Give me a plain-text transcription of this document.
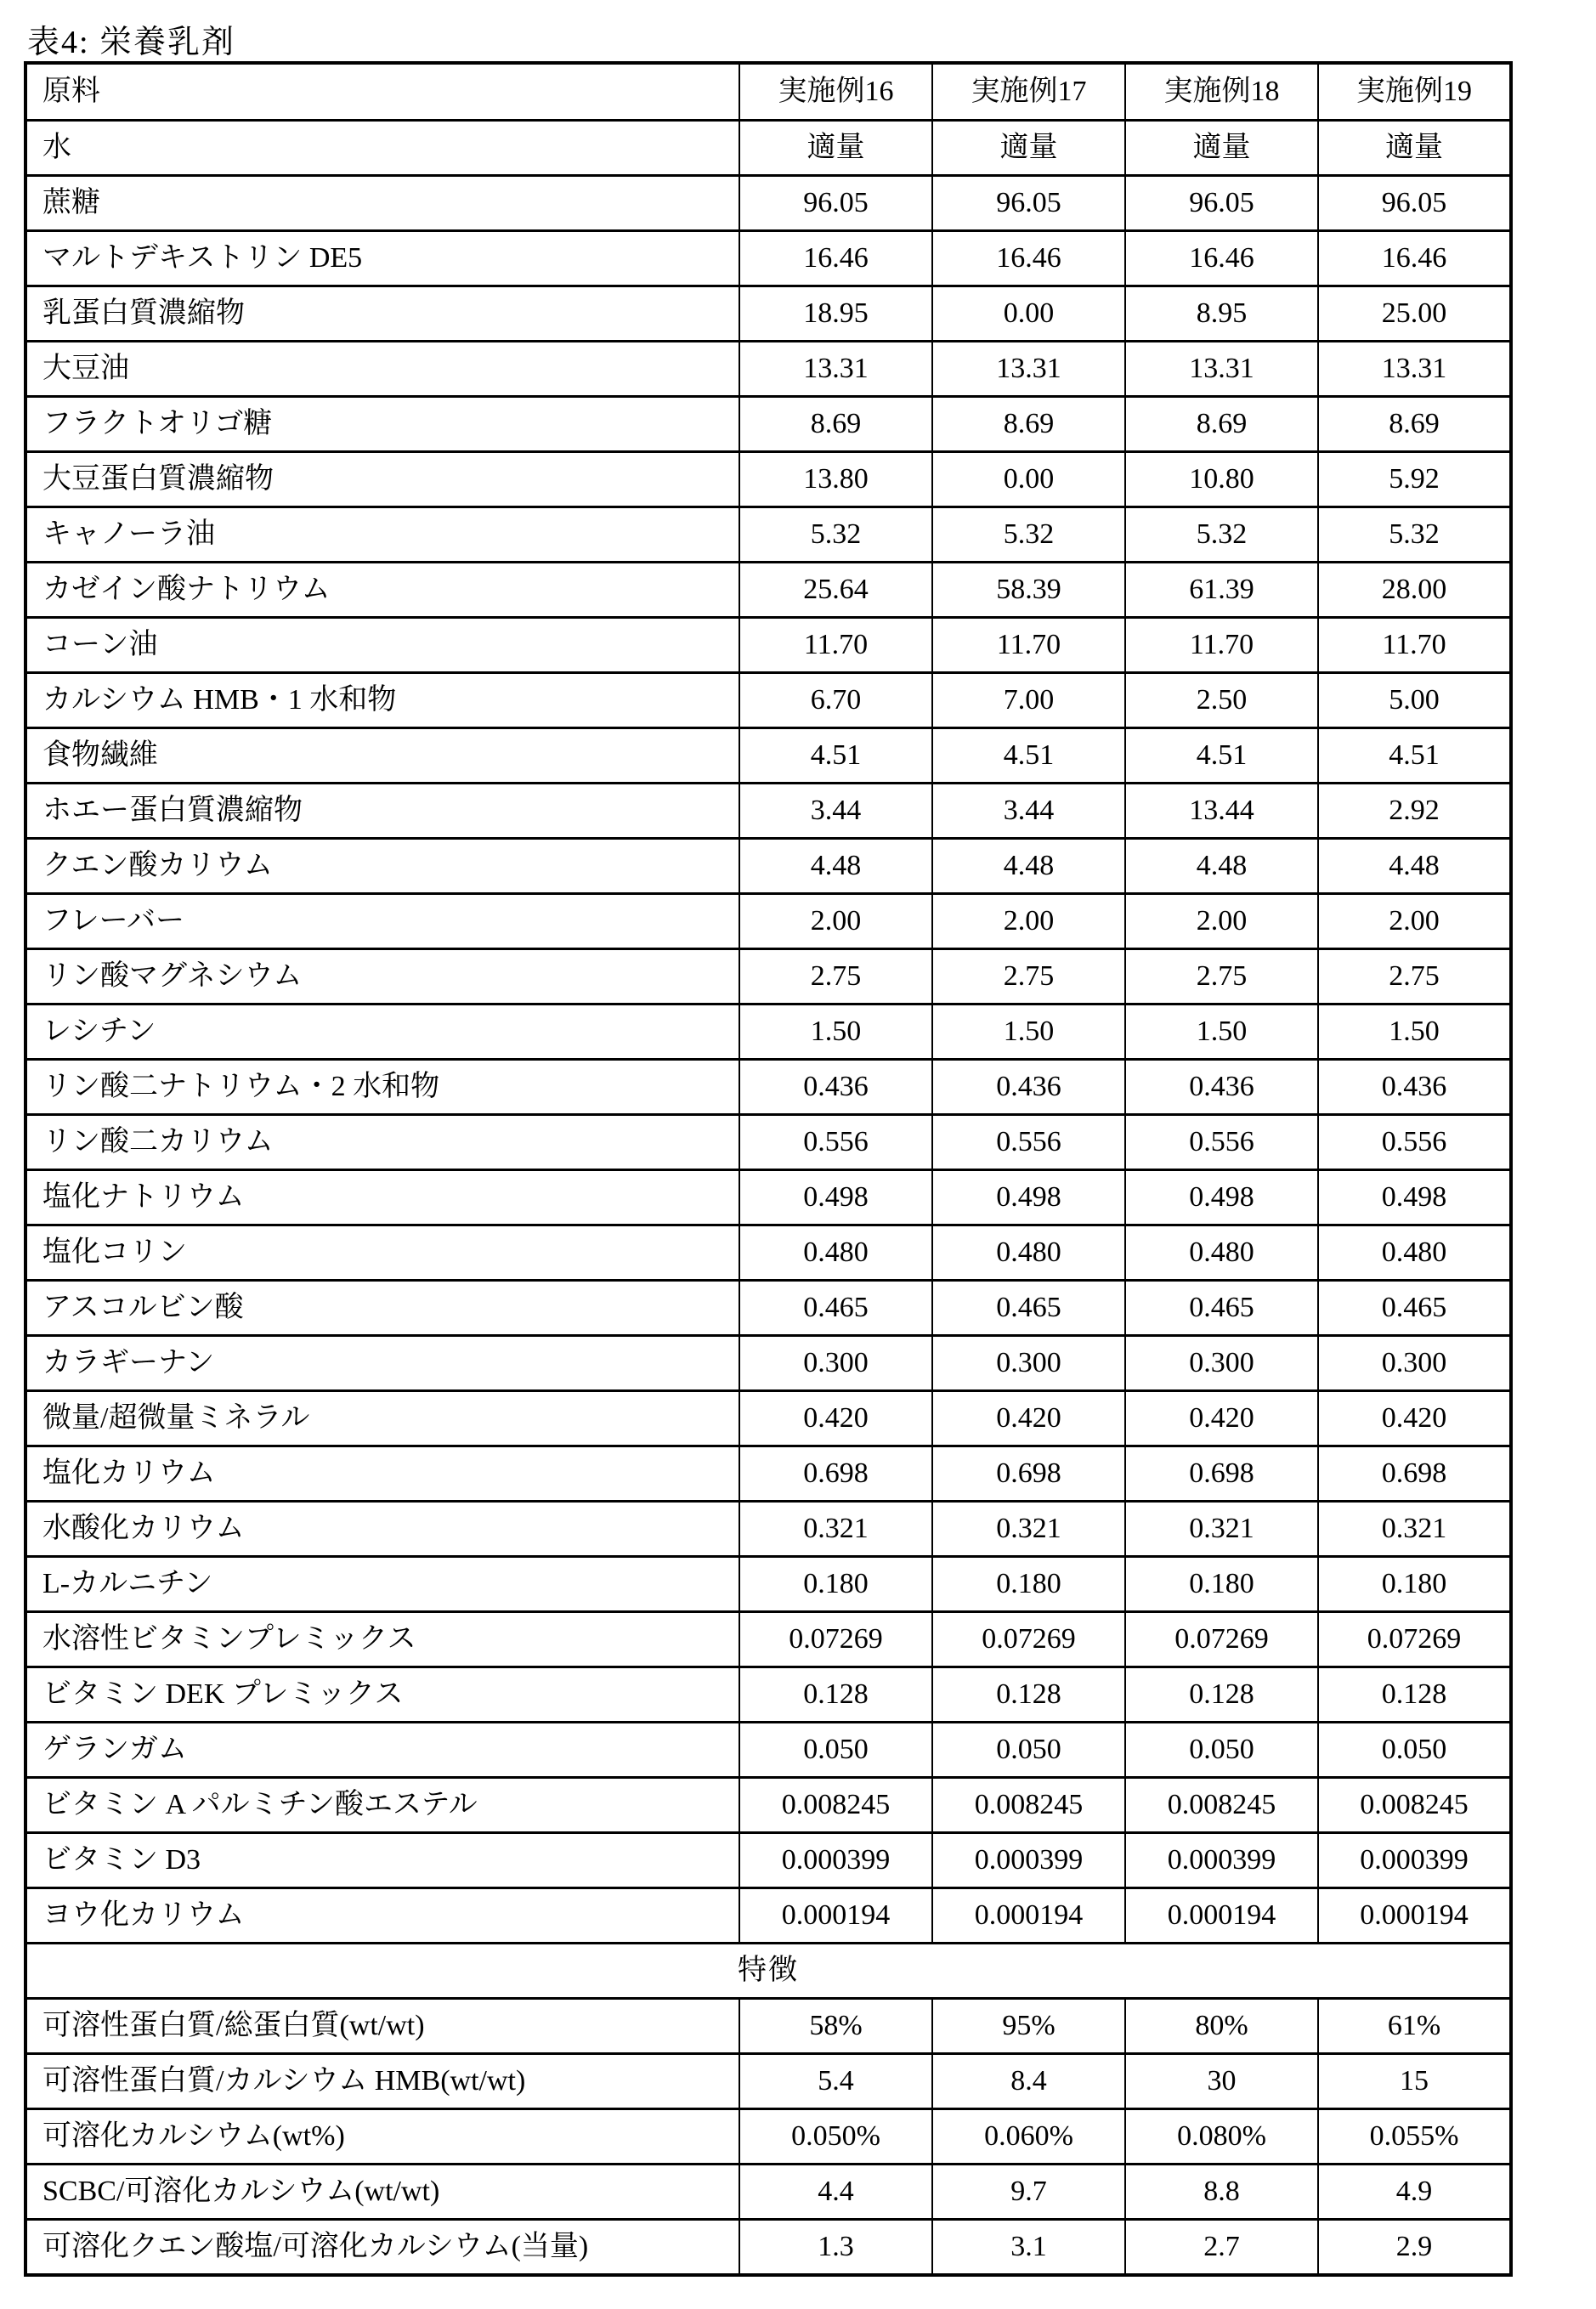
表4: 栄養乳剤
原料	実施例16	実施例17	実施例18	実施例19
水	適量	適量	適量	適量
蔗糖	96.05	96.05	96.05	96.05
マルトデキストリン DE5	16.46	16.46	16.46	16.46
乳蛋白質濃縮物	18.95	0.00	8.95	25.00
大豆油	13.31	13.31	13.31	13.31
フラクトオリゴ糖	8.69	8.69	8.69	8.69
大豆蛋白質濃縮物	13.80	0.00	10.80	5.92
キャノーラ油	5.32	5.32	5.32	5.32
カゼイン酸ナトリウム	25.64	58.39	61.39	28.00
コーン油	11.70	11.70	11.70	11.70
カルシウム HMB・1 水和物	6.70	7.00	2.50	5.00
食物繊維	4.51	4.51	4.51	4.51
ホエー蛋白質濃縮物	3.44	3.44	13.44	2.92
クエン酸カリウム	4.48	4.48	4.48	4.48
フレーバー	2.00	2.00	2.00	2.00
リン酸マグネシウム	2.75	2.75	2.75	2.75
レシチン	1.50	1.50	1.50	1.50
リン酸二ナトリウム・2 水和物	0.436	0.436	0.436	0.436
リン酸二カリウム	0.556	0.556	0.556	0.556
塩化ナトリウム	0.498	0.498	0.498	0.498
塩化コリン	0.480	0.480	0.480	0.480
アスコルビン酸	0.465	0.465	0.465	0.465
カラギーナン	0.300	0.300	0.300	0.300
微量/超微量ミネラル	0.420	0.420	0.420	0.420
塩化カリウム	0.698	0.698	0.698	0.698
水酸化カリウム	0.321	0.321	0.321	0.321
L-カルニチン	0.180	0.180	0.180	0.180
水溶性ビタミンプレミックス	0.07269	0.07269	0.07269	0.07269
ビタミン DEK プレミックス	0.128	0.128	0.128	0.128
ゲランガム	0.050	0.050	0.050	0.050
ビタミン A パルミチン酸エステル	0.008245	0.008245	0.008245	0.008245
ビタミン D3	0.000399	0.000399	0.000399	0.000399
ヨウ化カリウム	0.000194	0.000194	0.000194	0.000194
特徴				
可溶性蛋白質/総蛋白質(wt/wt)	58%	95%	80%	61%
可溶性蛋白質/カルシウム HMB(wt/wt)	5.4	8.4	30	15
可溶化カルシウム(wt%)	0.050%	0.060%	0.080%	0.055%
SCBC/可溶化カルシウム(wt/wt)	4.4	9.7	8.8	4.9
可溶化クエン酸塩/可溶化カルシウム(当量)	1.3	3.1	2.7	2.9
